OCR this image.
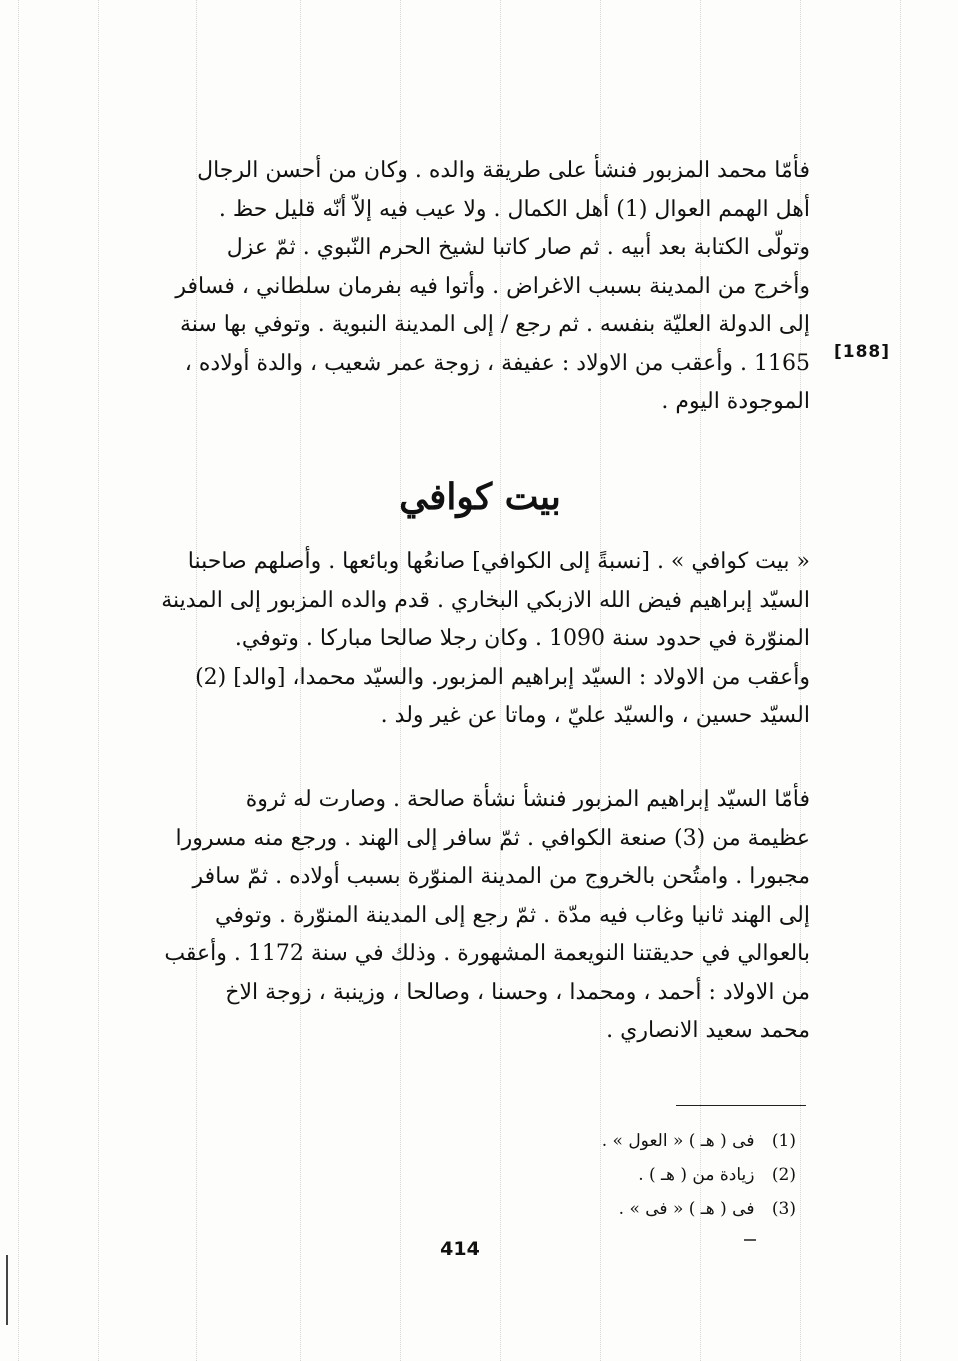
فأمّا محمد المزبور فنشأ على طريقة والده . وكان من أحسن الرجال

أهل الهمم العوال (1) أهل الكمال . ولا عيب فيه إلاّ أنّه قليل حظ .

وتولّى الكتابة بعد أبيه . ثم صار كاتبا لشيخ الحرم النّبوي . ثمّ عزل

وأخرج من المدينة بسبب الاغراض . وأتوا فيه بفرمان سلطاني ، فسافر

إلى الدولة العليّة بنفسه . ثم رجع / إلى المدينة النبوية . وتوفي بها سنة

1165 . وأعقب من الاولاد : عفيفة ، زوجة عمر شعيب ، والدة أولاده ،

الموجودة اليوم .

[188]
بيت كوافي

« بيت كوافي » . [نسبةً إلى الكوافي] صانعُها وبائعها . وأصلهم صاحبنا

السيّد إبراهيم فيض الله الازبكي البخاري . قدم والده المزبور إلى المدينة

المنوّرة في حدود سنة 1090 . وكان رجلا صالحا مباركا . وتوفي.

وأعقب من الاولاد : السيّد إبراهيم المزبور. والسيّد محمدا، [والد] (2)

السيّد حسين ، والسيّد عليّ ، وماتا عن غير ولد .

فأمّا السيّد إبراهيم المزبور فنشأ نشأة صالحة . وصارت له ثروة

عظيمة من (3) صنعة الكوافي . ثمّ سافر إلى الهند . ورجع منه مسرورا

مجبورا . وامتُحن بالخروج من المدينة المنوّرة بسبب أولاده . ثمّ سافر

إلى الهند ثانيا وغاب فيه مدّة . ثمّ رجع إلى المدينة المنوّرة . وتوفي

بالعوالي في حديقتنا النويعمة المشهورة . وذلك في سنة 1172 . وأعقب

من الاولاد : أحمد ، ومحمدا ، وحسنا ، وصالحا ، وزينبة ، زوجة الاخ

محمد سعيد الانصاري .

(1) فى ( هـ ) « العول » .

(2) زيادة من ( هـ ) .

(3) فى ( هـ ) « فى » .

414
